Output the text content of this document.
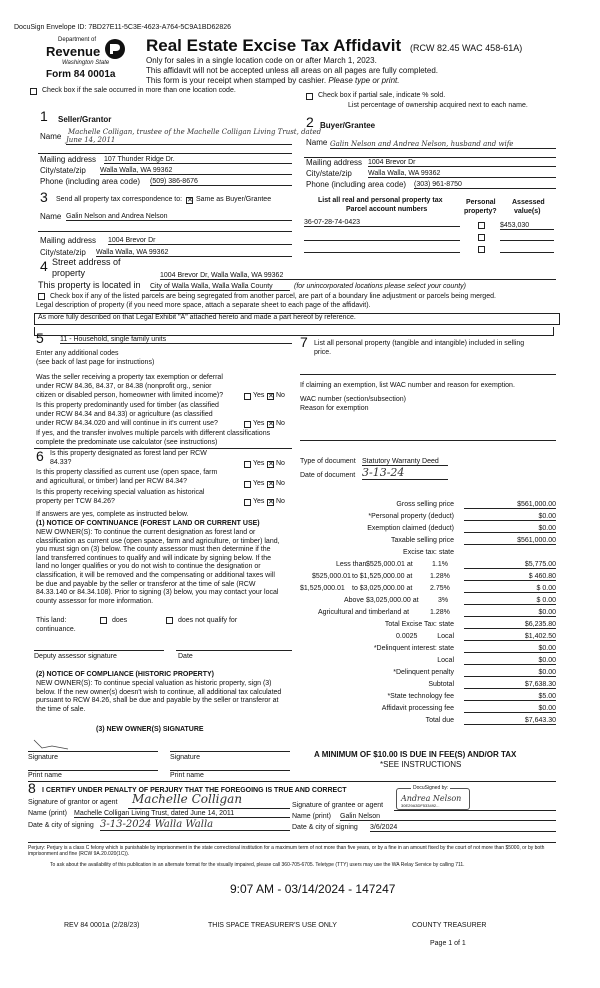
DocuSign Envelope ID: 7BD27E11-5C3E-4623-A764-5C9A1BD62826
Department of
Revenue
Washington State
Form 84 0001a
Real Estate Excise Tax Affidavit (RCW 82.45 WAC 458-61A)
Only for sales in a single location code on or after March 1, 2023.
This affidavit will not be accepted unless all areas on all pages are fully completed.
This form is your receipt when stamped by cashier. Please type or print.
Check box if the sale occurred in more than one location code.
Check box if partial sale, indicate % sold.
List percentage of ownership acquired next to each name.
1 Seller/Grantor
Machelle Colligan, trustee of the Machelle Colligan Living Trust, dated
Name June 14, 2011
Mailing address 107 Thunder Ridge Dr.
City/state/zip Walla Walla, WA 99362
Phone (including area code) (509) 386-8676
2 Buyer/Grantee
Name Galin Nelson and Andrea Nelson, husband and wife
Mailing address 1004 Brevor Dr
City/state/zip Walla Walla, WA 99362
Phone (including area code) (303) 961-8750
3 Send all property tax correspondence to: ✕ Same as Buyer/Grantee
Name Galin Nelson and Andrea Nelson
Mailing address 1004 Brevor Dr
City/state/zip Walla Walla, WA 99362
List all real and personal property tax
Parcel account numbers
Personal
property?
Assessed
value(s)
36-07-28-74-0423	$453,030
4 Street address of
property	1004 Brevor Dr, Walla Walla, WA 99362
This property is located in City of Walla Walla, Walla Walla County	(for unincorporated locations please select your county)
Check box if any of the listed parcels are being segregated from another parcel, are part of a boundary line adjustment or parcels being merged.
Legal description of property (if you need more space, attach a separate sheet to each page of the affidavit).
As more fully described on that Legal Exhibit "A" attached hereto and made a part hereof by reference.
5 11 - Household, single family units
Enter any additional codes
(see back of last page for instructions)
Was the seller receiving a property tax exemption or deferral
under RCW 84.36, 84.37, or 84.38 (nonprofit org., senior
citizen or disabled person, homeowner with limited income)?	Yes ✕ No
Is this property predominantly used for timber (as classified
under RCW 84.34 and 84.33) or agriculture (as classified
under RCW 84.34.020 and will continue in it's current use?	Yes ✕ No
If yes, and the transfer involves multiple parcels with different classifications
complete the predominate use calculator (see instructions)
6 Is this property designated as forest land per RCW
84.33?	Yes ✕ No
Is this property classified as current use (open space, farm
and agricultural, or timber) land per RCW 84.34?	Yes ✕ No
Is this property receiving special valuation as historical
property per TCW 84.26?	Yes ✕ No
If answers are yes, complete as instructed below.
(1) NOTICE OF CONTINUANCE (FOREST LAND OR CURRENT USE)
NEW OWNER(S): To continue the current designation as forest land or classification as current use (open space, farm and agriculture, or timber) land, you must sign on (3) below. The county assessor must then determine if the land transferred continues to qualify and will indicate by signing below. If the land no longer qualifies or you do not wish to continue the designation or classification, it will be removed and the compensating or additional taxes will be due and payable by the seller or transferor at the time of sale (RCW 84.33.140 or 84.34.108). Prior to signing (3) below, you may contact your local county assessor for more information.
This land:	does	does not qualify for
continuance.
Deputy assessor signature	Date
(2) NOTICE OF COMPLIANCE (HISTORIC PROPERTY)
NEW OWNER(S): To continue special valuation as historic property, sign (3) below. If the new owner(s) doesn't wish to continue, all additional tax calculated pursuant to RCW 84.26, shall be due and payable by the seller or transferor at the time of sale.
(3) NEW OWNER(S) SIGNATURE
Signature	Signature
Print name	Print name
7 List all personal property (tangible and intangible) included in selling
price.
If claiming an exemption, list WAC number and reason for exemption.
WAC number (section/subsection)
Reason for exemption
Type of document Statutory Warranty Deed
Date of document 3-13-24
Gross selling price	$561,000.00
*Personal property (deduct)	$0.00
Exemption claimed (deduct)	$0.00
Taxable selling price	$561,000.00
Excise tax: state
Less than $525,000.01 at	1.1%	$5,775.00
$525,000.01 to $1,525,000.00 at	1.28%	$ 460.80
$1,525,000.01 to $3,025,000.00 at	2.75%	$ 0.00
Above $3,025,000.00 at	3%	$ 0.00
Agricultural and timberland at	1.28%	$0.00
Total Excise Tax: state	$6,235.80
0.0025	Local	$1,402.50
*Delinquent interest: state	$0.00
Local	$0.00
*Delinquent penalty	$0.00
Subtotal	$7,638.30
*State technology fee	$5.00
Affidavit processing fee	$0.00
Total due	$7,643.30
A MINIMUM OF $10.00 IS DUE IN FEE(S) AND/OR TAX
*SEE INSTRUCTIONS
8 I CERTIFY UNDER PENALTY OF PERJURY THAT THE FOREGOING IS TRUE AND CORRECT
Signature of grantor or agent Machelle Colligan
Name (print) Machelle Colligan Living Trust, dated June 14, 2011
Date & city of signing 3-13-2024 Walla Walla
Signature of grantee or agent
DocuSigned by:
Andrea Nelson
30E29A3DF533492...
Name (print) Galin Nelson
Date & city of signing 3/6/2024
Perjury: Perjury is a class C felony which is punishable by imprisonment in the state correctional institution for a maximum term of not more than five years, or by a fine in an amount fixed by the court of not more than $5000, or by both imprisonment and fine (RCW 9A.20.020(1C)).
To ask about the availability of this publication in an alternate format for the visually impaired, please call 360-705-6705. Teletype (TTY) users may use the WA Relay Service by calling 711.
9:07 AM - 03/14/2024 - 147247
REV 84 0001a (2/28/23)	THIS SPACE TREASURER'S USE ONLY	COUNTY TREASURER
Page 1 of 1
